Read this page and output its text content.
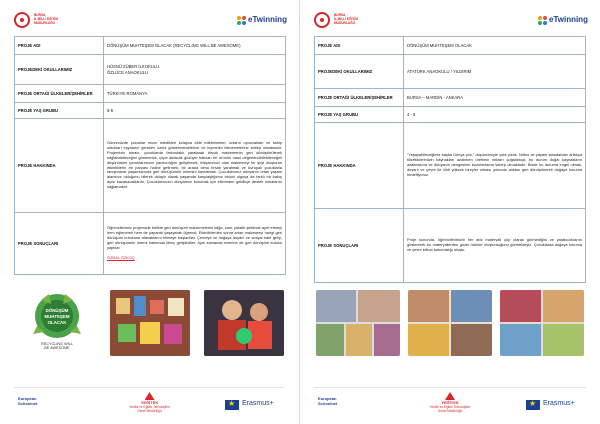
BURSA
İL MİLLİ EĞİTİM MÜDÜRLÜĞÜ	eTwinning
PROJE ADI	DÖNÜŞÜM MUHTEŞEM OLACAK (RECYCLING WILL BE AWESOME)
PROJEDEKİ OKULLARIMIZ	HÜSNÜ ZÜBER İLKOKULU
ÖZLÜCE ANAOKULU
PROJE ORTAĞI ÜLKELER/ŞEHİRLER	TÜRKİYE-ROMANYA
PROJE YAŞ GRUBU	5-6
PROJE HAKKINDA	Günümüzde çocuklar mızın istedikleri kolayca elde edebilmeleri, onların oyuncakları ve sahip oldukları eşyaların gereken özeni göstermemelerine ve kıymetini bilmemelerine sebep olmaktadır. Projemizin amacı; çocuklarda farkındalık yaratarak birçok malzemenin geri dönüştürülerek sağlanabileceğini göstermek, çöpe atılacak gözüyle bakılan bir ürünün nasıl değerlendirilebileceğini düşünürken çocuklarımızın yaratıcılığını geliştirmek, ihtiyacımızı olan malzemeyi bir şeyi oluşturan etkinliklerin bir parçası haline getirmek, bir arada olma fırsatı yaratmak ve Avrupalı çocuklarla tanıştırarak yaşamlarında geri dönüşümün önemini kavratmak. Çocuklarımız dünyanın ortak yaşam alanımız olduğunu bilerek dolaylı olarak yaşamda karşılaştığımız birçok olguya da farklı bir bakış açısı kazanacaklardır. Çocuklarımızın dünyamızı korumak için ellerinden geldikçe destek olmalarını sağlamaktır.
PROJE SONUÇLARI	Öğrencilerimiz projemizle birlikte geri dönüşüm malzemelerini kâğıt, cam, plastik şeklinde ayırt etmeyi hem eğlenerek hem de yaparak yaşayarak öğrendi. Etkinliklerden sonra artan malzemeyi hangi geri dönüşüm kutusuna atacaklarını bilmeye başladılar. Çevreye ve doğaya duyarlı ve sosyal hale gelip, geri dönüşümün önemi hakkında bilinç geliştirdiler. Aynı zamanda evlerine de geri dönüşüm kutusu yaptılar.

ÖZNAL ÖZKOÇ
DÖNÜŞÜM
MUHTEŞEM
OLACAK
RECYCLING WILL
BE AWESOME
European
Schoolnet	YEĞİTEK
Yenilik ve Eğitim Teknolojileri
Genel Müdürlüğü
★
Erasmus+
BURSA
İL MİLLİ EĞİTİM MÜDÜRLÜĞÜ	eTwinning
PROJE ADI	DÖNÜŞÜM MUHTEŞEM OLACAK
PROJEDEKİ OKULLARIMIZ	ATATÜRK ANAOKULU / YILDIRIM
PROJE ORTAĞI ÜLKELER/ŞEHİRLER	BURSA – MARDİN - ANKARA
PROJE YAŞ GRUBU	4 - 6
PROJE HAKKINDA	"Yaşayabileceğimiz başka Dünya yok." düşüncesiyle yola çıktık. Nüfus ve yaşam standartları arttıkça tükettiklerimizin kaynakları azalırken üretimin miktarı çoğaldıkça, bu durum doğal kaynakların azalmasına ve dünyanın dengesinin bozulmasına sebep olmaktadır. Bizde bu duruma engel olmak, duyarlı ve çevre ile ilinti yüksek bireyler olması yolunda atıkları geri dönüştürerek doğaya koruma hedefliyoruz.
PROJE SONUÇLARI	Proje sonunda, öğrencilerimizin her atık materyali çöp olarak görmediğini ve yaratıcılıklarını göstererek bu materyallerden güzel ürünler oluşturduğunu görmekteyiz. Çocuklarda doğaya koruma ve çevre bilinci farkındalığı oluştu.
European
Schoolnet	YEĞİTEK
Yenilik ve Eğitim Teknolojileri
Genel Müdürlüğü
★
Erasmus+
